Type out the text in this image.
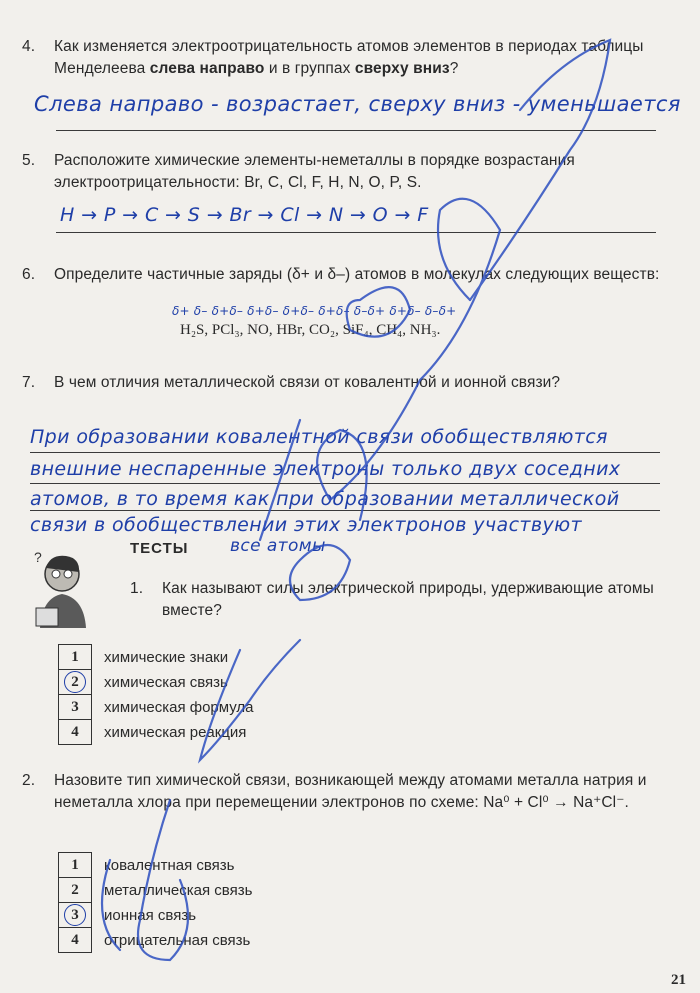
4. Как изменяется электроотрицательность атомов элементов в периодах таблицы Менделеева слева направо и в группах сверху вниз?
Слева направо - возрастает, сверху вниз - уменьшается
5. Расположите химические элементы-неметаллы в порядке возрастания электроотрицательности: Br, C, Cl, F, H, N, O, P, S.
H → P → C → S → Br → Cl → N → O → F
6. Определите частичные заряды (δ+ и δ–) атомов в молекулах следующих веществ:
δ+ δ– δ+δ– δ+δ– δ+δ– δ+δ– δ–δ+ δ+δ– δ–δ+
H₂S, PCl₃, NO, HBr, CO₂, SiF₄, CH₄, NH₃.
7. В чем отличия металлической связи от ковалентной и ионной связи?
При образовании ковалентной связи обобществляются
внешние неспаренные электроны только двух соседних
атомов, в то время как при образовании металлической
связи в обобществлении этих электронов участвуют
все атомы
?	ТЕСТЫ
1. Как называют силы электрической природы, удерживающие атомы вместе?
1	химические знаки
2	химическая связь
3	химическая формула
4	химическая реакция
2. Назовите тип химической связи, возникающей между атомами металла натрия и неметалла хлора при перемещении электронов по схеме: Na⁰ + Cl⁰ → Na⁺Cl⁻.
1	ковалентная связь
2	металлическая связь
3	ионная связь
4	отрицательная связь
21
